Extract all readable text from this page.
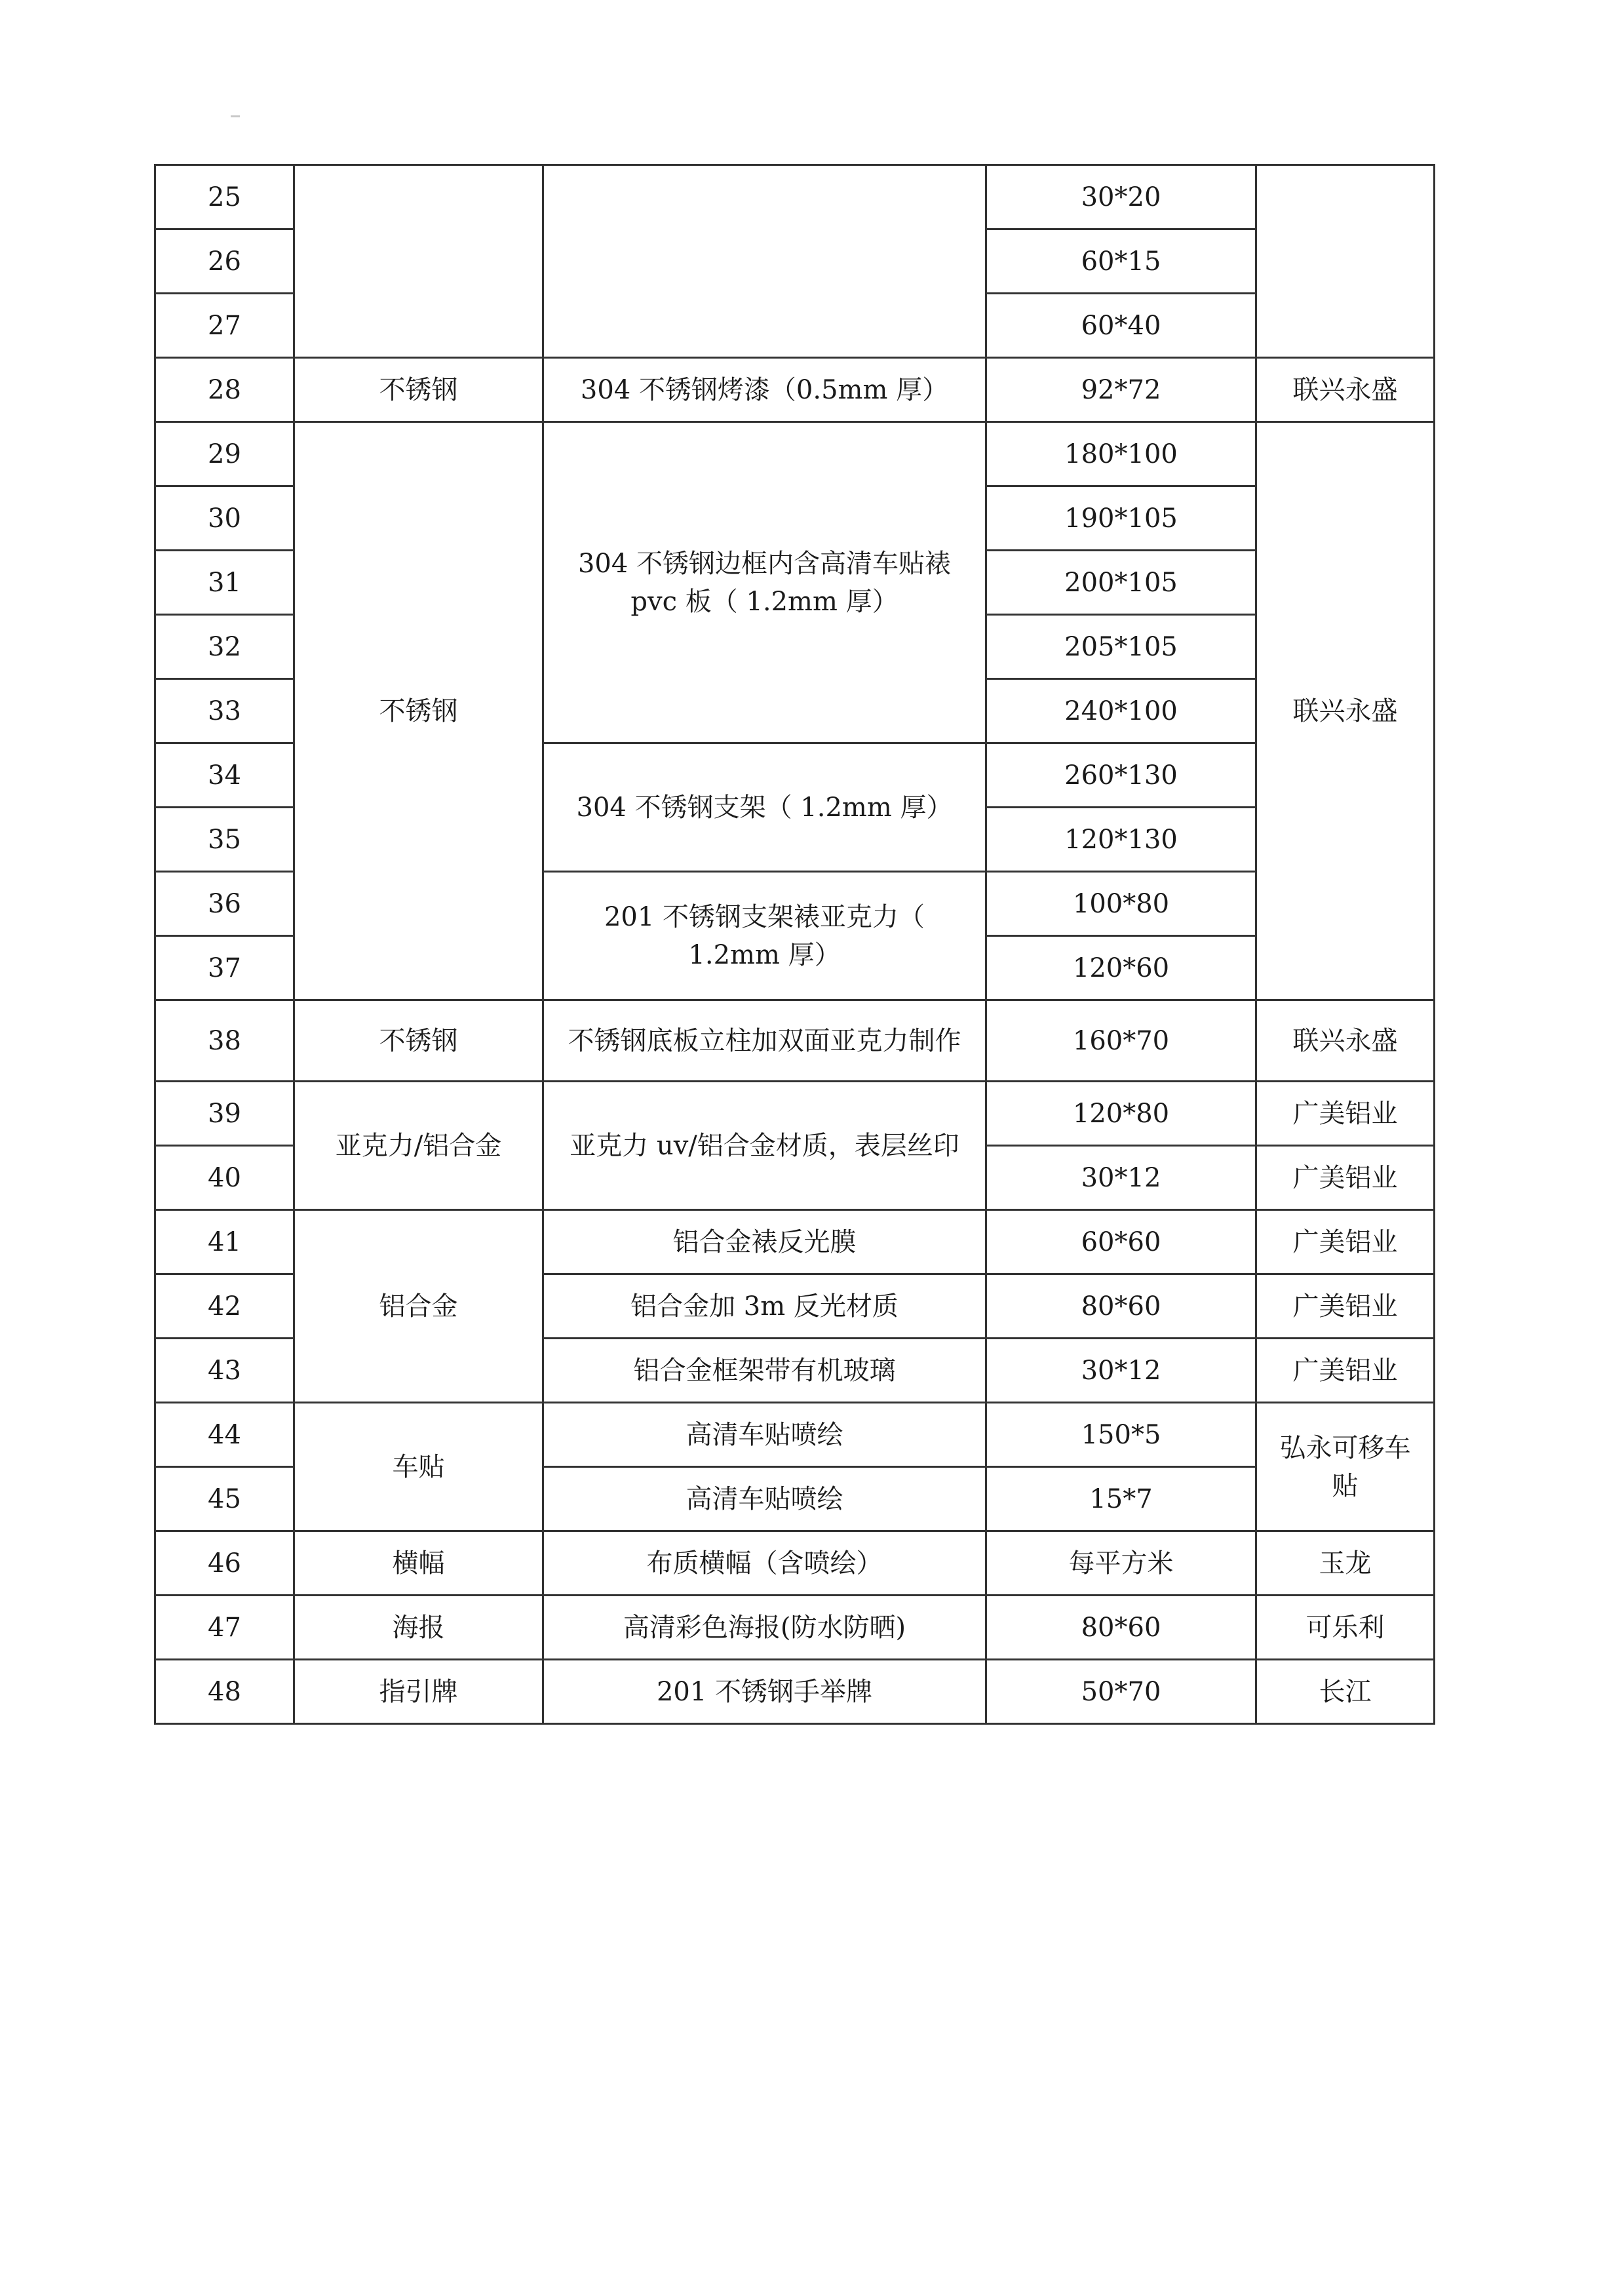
25			30*20	
26			60*15	
27			60*40	
28	不锈钢	304 不锈钢烤漆（0.5mm 厚）	92*72	联兴永盛
29	不锈钢	304 不锈钢边框内含高清车贴裱 pvc 板（ 1.2mm 厚）	180*100	联兴永盛
30			190*105	
31			200*105	
32			205*105	
33			240*100	
34		304 不锈钢支架（ 1.2mm 厚）	260*130	
35			120*130	
36		201 不锈钢支架裱亚克力（ 1.2mm 厚）	100*80	
37			120*60	
38	不锈钢	不锈钢底板立柱加双面亚克力制作	160*70	联兴永盛
39	亚克力/铝合金	亚克力 uv/铝合金材质，表层丝印	120*80	广美铝业
40			30*12	广美铝业
41	铝合金	铝合金裱反光膜	60*60	广美铝业
42		铝合金加 3m 反光材质	80*60	广美铝业
43		铝合金框架带有机玻璃	30*12	广美铝业
44	车贴	高清车贴喷绘	150*5	弘永可移车贴
45		高清车贴喷绘	15*7	
46	横幅	布质横幅（含喷绘）	每平方米	玉龙
47	海报	高清彩色海报(防水防晒)	80*60	可乐利
48	指引牌	201 不锈钢手举牌	50*70	长江
